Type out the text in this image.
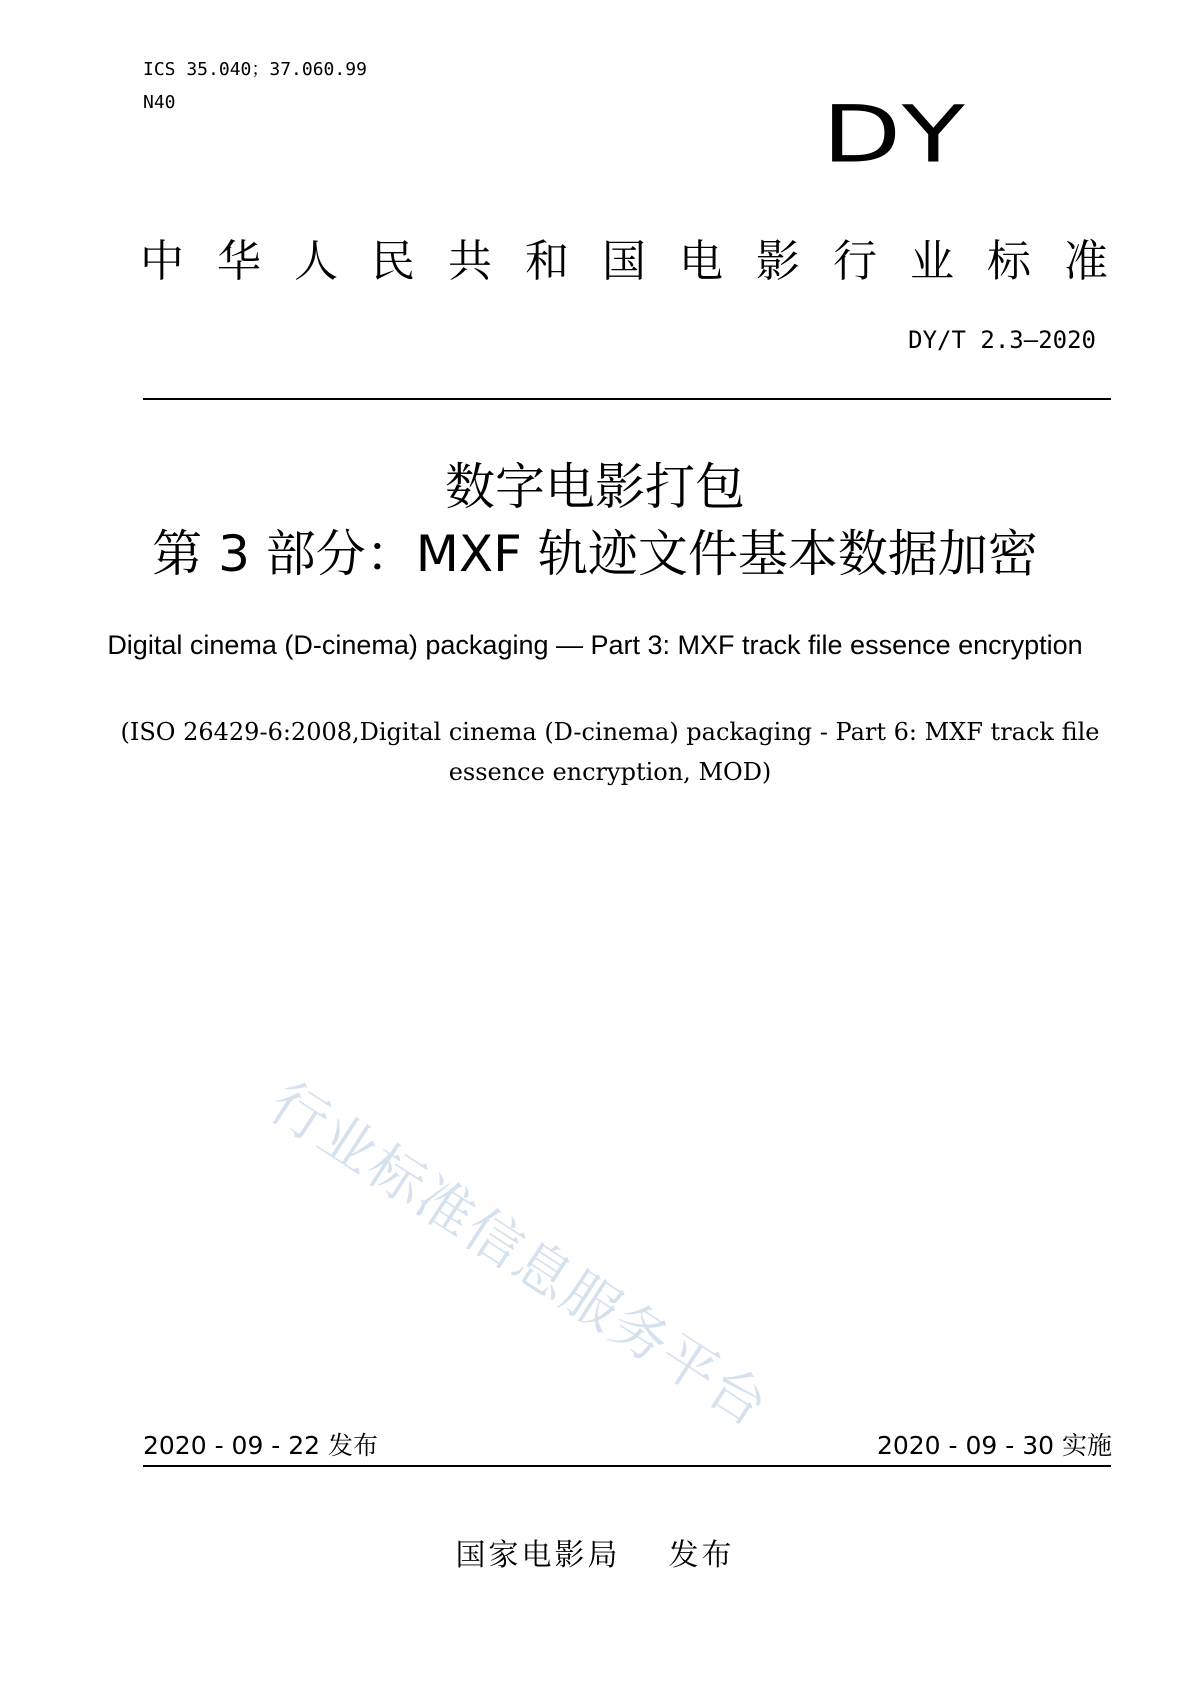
ICS 35.040；37.060.99
N40	DY
中华人民共和国电影行业标准
DY/T 2.3—2020
数字电影打包
第 3 部分：MXF 轨迹文件基本数据加密
Digital cinema (D-cinema) packaging — Part 3: MXF track file essence encryption
(ISO 26429-6:2008,Digital cinema (D-cinema) packaging - Part 6: MXF track file essence encryption, MOD)
行业标准信息服务平台
2020 - 09 - 22 发布	2020 - 09 - 30 实施
国家电影局 发布
